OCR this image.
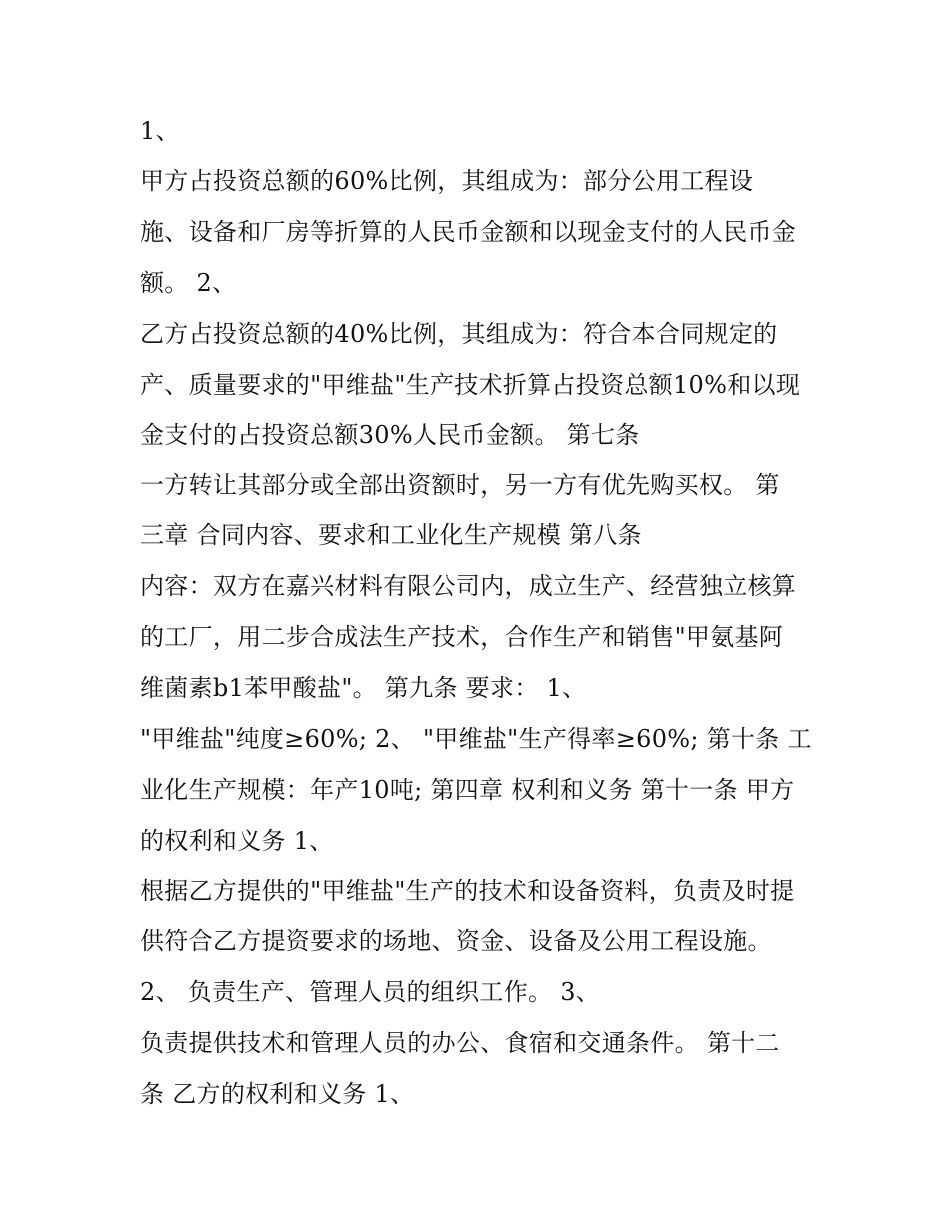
1、
甲方占投资总额的60%比例，其组成为：部分公用工程设
施、设备和厂房等折算的人民币金额和以现金支付的人民币金
额。 2、
乙方占投资总额的40%比例，其组成为：符合本合同规定的
产、质量要求的"甲维盐"生产技术折算占投资总额10%和以现
金支付的占投资总额30%人民币金额。 第七条
一方转让其部分或全部出资额时，另一方有优先购买权。 第
三章 合同内容、要求和工业化生产规模 第八条
内容：双方在嘉兴材料有限公司内，成立生产、经营独立核算
的工厂，用二步合成法生产技术，合作生产和销售"甲氨基阿
维菌素b1苯甲酸盐"。 第九条 要求： 1、
"甲维盐"纯度≥60%; 2、 "甲维盐"生产得率≥60%; 第十条 工
业化生产规模：年产10吨; 第四章 权利和义务 第十一条 甲方
的权利和义务 1、
根据乙方提供的"甲维盐"生产的技术和设备资料，负责及时提
供符合乙方提资要求的场地、资金、设备及公用工程设施。
2、 负责生产、管理人员的组织工作。 3、
负责提供技术和管理人员的办公、食宿和交通条件。 第十二
条 乙方的权利和义务 1、
